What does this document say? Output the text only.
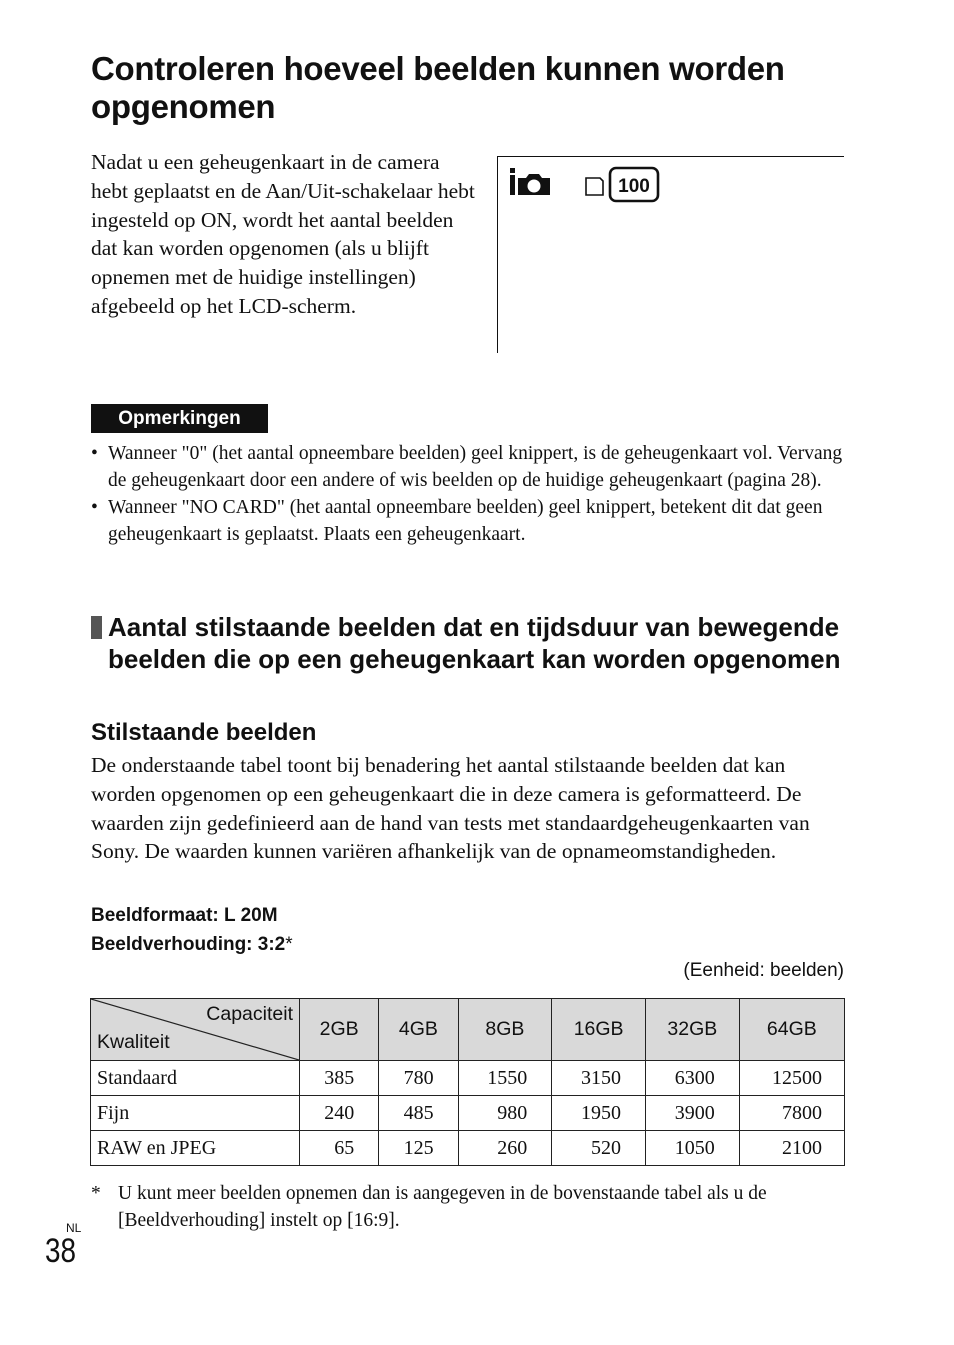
Controleren hoeveel beelden kunnen worden opgenomen
Nadat u een geheugenkaart in de camera hebt geplaatst en de Aan/Uit-schakelaar hebt ingesteld op ON, wordt het aantal beelden dat kan worden opgenomen (als u blijft opnemen met de huidige instellingen) afgebeeld op het LCD-scherm.
100
Opmerkingen
• Wanneer "0" (het aantal opneembare beelden) geel knippert, is de geheugenkaart vol. Vervang de geheugenkaart door een andere of wis beelden op de huidige geheugenkaart (pagina 28).
• Wanneer "NO CARD" (het aantal opneembare beelden) geel knippert, betekent dit dat geen geheugenkaart is geplaatst. Plaats een geheugenkaart.
Aantal stilstaande beelden dat en tijdsduur van bewegende beelden die op een geheugenkaart kan worden opgenomen
Stilstaande beelden
De onderstaande tabel toont bij benadering het aantal stilstaande beelden dat kan worden opgenomen op een geheugenkaart die in deze camera is geformatteerd. De waarden zijn gedefinieerd aan de hand van tests met standaardgeheugenkaarten van Sony. De waarden kunnen variëren afhankelijk van de opnameomstandigheden.
Beeldformaat: L 20M
Beeldverhouding: 3:2*
(Eenheid: beelden)
Capaciteit
Kwaliteit	2GB	4GB	8GB	16GB	32GB	64GB
Standaard	385	780	1550	3150	6300	12500
Fijn	240	485	980	1950	3900	7800
RAW en JPEG	65	125	260	520	1050	2100
* U kunt meer beelden opnemen dan is aangegeven in de bovenstaande tabel als u de [Beeldverhouding] instelt op [16:9].
NL
38
